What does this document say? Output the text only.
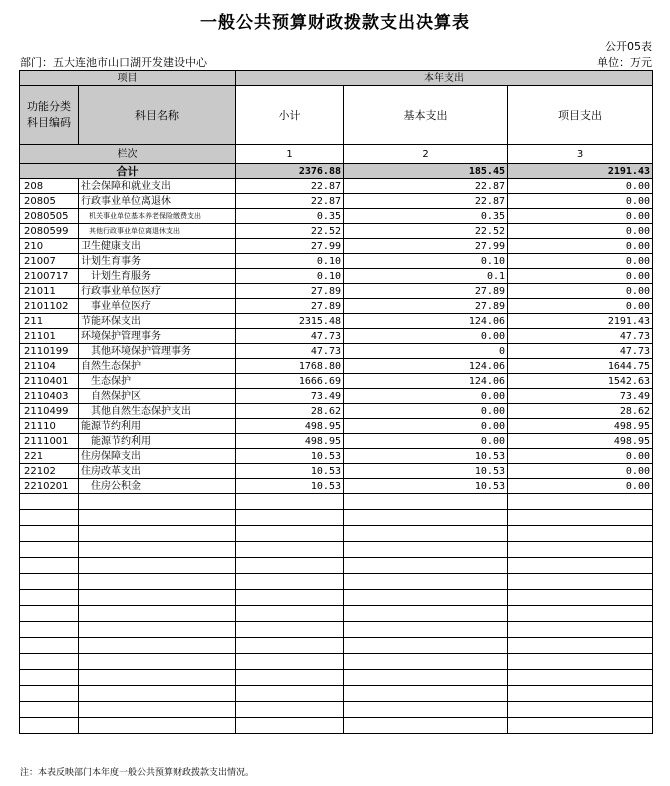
一般公共预算财政拨款支出决算表
公开05表
部门：五大连池市山口湖开发建设中心	单位：万元
项目		本年支出		
功能分类科目编码	科目名称	小计	基本支出	项目支出
栏次		1	2	3
合计		2376.88	185.45	2191.43
208	社会保障和就业支出	22.87	22.87	0.00
20805	行政事业单位离退休	22.87	22.87	0.00
2080505	机关事业单位基本养老保险缴费支出	0.35	0.35	0.00
2080599	其他行政事业单位离退休支出	22.52	22.52	0.00
210	卫生健康支出	27.99	27.99	0.00
21007	计划生育事务	0.10	0.10	0.00
2100717	计划生育服务	0.10	0.1	0.00
21011	行政事业单位医疗	27.89	27.89	0.00
2101102	事业单位医疗	27.89	27.89	0.00
211	节能环保支出	2315.48	124.06	2191.43
21101	环境保护管理事务	47.73	0.00	47.73
2110199	其他环境保护管理事务	47.73	0	47.73
21104	自然生态保护	1768.80	124.06	1644.75
2110401	生态保护	1666.69	124.06	1542.63
2110403	自然保护区	73.49	0.00	73.49
2110499	其他自然生态保护支出	28.62	0.00	28.62
21110	能源节约利用	498.95	0.00	498.95
2111001	能源节约利用	498.95	0.00	498.95
221	住房保障支出	10.53	10.53	0.00
22102	住房改革支出	10.53	10.53	0.00
2210201	住房公积金	10.53	10.53	0.00

注：本表反映部门本年度一般公共预算财政拨款支出情况。
